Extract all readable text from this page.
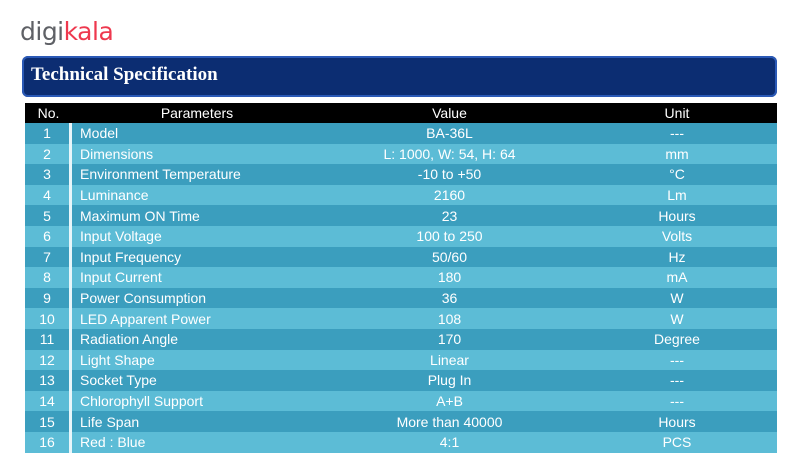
digi kala
Technical Specification
No.	Parameters	Value	Unit
1	Model	BA-36L	---
2	Dimensions	L: 1000, W: 54, H: 64	mm
3	Environment Temperature	-10 to +50	°C
4	Luminance	2160	Lm
5	Maximum ON Time	23	Hours
6	Input Voltage	100 to 250	Volts
7	Input Frequency	50/60	Hz
8	Input Current	180	mA
9	Power Consumption	36	W
10	LED Apparent Power	108	W
11	Radiation Angle	170	Degree
12	Light Shape	Linear	---
13	Socket Type	Plug In	---
14	Chlorophyll Support	A+B	---
15	Life Span	More than 40000	Hours
16	Red : Blue	4:1	PCS
